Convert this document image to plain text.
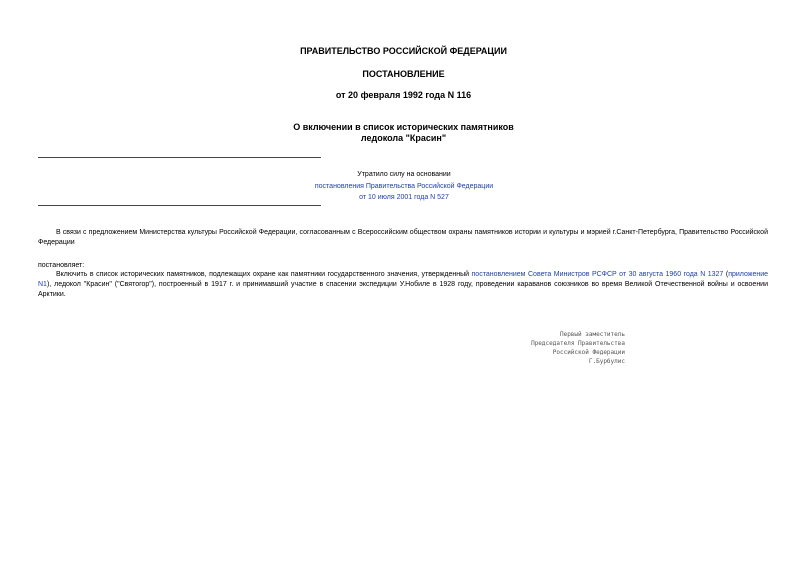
ПРАВИТЕЛЬСТВО РОССИЙСКОЙ ФЕДЕРАЦИИ
ПОСТАНОВЛЕНИЕ
от 20 февраля 1992 года N 116
О включении в список исторических памятников
ледокола "Красин"
Утратило силу на основании
постановления Правительства Российской Федерации
от 10 июля 2001 года N 527
В связи с предложением Министерства культуры Российской Федерации, согласованным с Всероссийским обществом охраны памятников истории и культуры и мэрией г.Санкт-Петербурга, Правительство Российской Федерации
постановляет:
Включить в список исторических памятников, подлежащих охране как памятники государственного значения, утвержденный постановлением Совета Министров РСФСР от 30 августа 1960 года N 1327 (приложение N1), ледокол "Красин" ("Святогор"), построенный в 1917 г. и принимавший участие в спасении экспедиции У.Нобиле в 1928 году, проведении караванов союзников во время Великой Отечественной войны и освоении Арктики.
Первый заместитель
Председателя Правительства
Российской Федерации
Г.Бурбулис
